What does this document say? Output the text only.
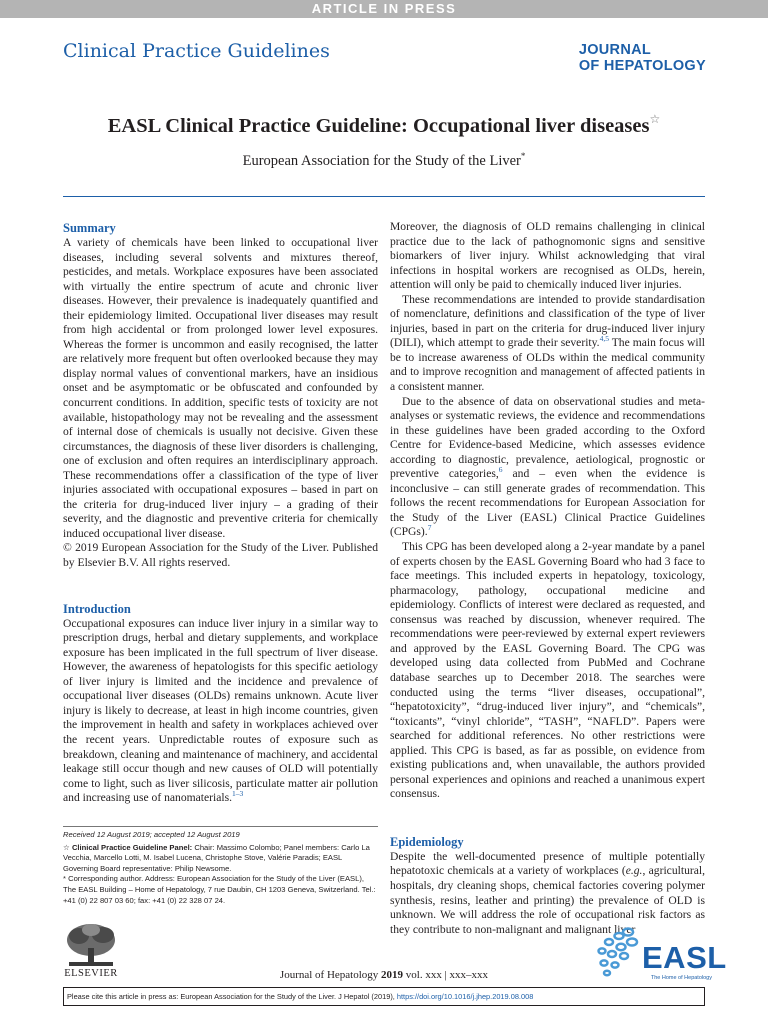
ARTICLE IN PRESS
Clinical Practice Guidelines	JOURNAL
OF HEPATOLOGY
EASL Clinical Practice Guideline: Occupational liver diseases☆
European Association for the Study of the Liver*
Summary

A variety of chemicals have been linked to occupational liver diseases, including several solvents and mixtures thereof, pesticides, and metals. Workplace exposures have been associated with virtually the entire spectrum of acute and chronic liver diseases. However, their prevalence is inadequately quantified and their epidemiology limited. Occupational liver diseases may result from high accidental or from prolonged lower level exposures. Whereas the former is uncommon and easily recognised, the latter are relatively more frequent but often overlooked because they may display normal values of conventional markers, have an insidious onset and be asymptomatic or be obfuscated and confounded by concurrent conditions. In addition, specific tests of toxicity are not available, histopathology may not be revealing and the assessment of internal dose of chemicals is usually not decisive. Given these circumstances, the diagnosis of these liver disorders is challenging, one of exclusion and often requires an interdisciplinary approach. These recommendations offer a classification of the type of liver injuries associated with occupational exposures – based in part on the criteria for drug-induced liver injury – a grading of their severity, and the diagnostic and preventive criteria for chemically induced occupational liver disease.

© 2019 European Association for the Study of the Liver. Published by Elsevier B.V. All rights reserved.

Introduction

Occupational exposures can induce liver injury in a similar way to prescription drugs, herbal and dietary supplements, and workplace exposure has been implicated in the full spectrum of liver disease. However, the awareness of hepatologists for this specific aetiology of liver injury is limited and the incidence and prevalence of occupational liver diseases (OLDs) remains unknown. Acute liver injury is likely to decrease, at least in high income countries, given the improvement in health and safety in workplaces achieved over the recent years. Unpredictable routes of exposure such as breakdown, cleaning and maintenance of machinery, and accidental leakage still occur though and new causes of OLD will potentially come to light, such as liver silicosis, particulate matter air pollution and increasing use of nanomaterials.$^{1-3}$

Moreover, the diagnosis of OLD remains challenging in clinical practice due to the lack of pathognomonic signs and sensitive biomarkers of liver injury. Whilst acknowledging that viral infections in hospital workers are recognised as OLDs, herein, attention will only be paid to chemically induced liver injuries.

These recommendations are intended to provide standardisation of nomenclature, definitions and classification of the type of liver injuries, based in part on the criteria for drug-induced liver injury (DILI), which attempt to grade their severity.$^{4,5}$ The main focus will be to increase awareness of OLDs within the medical community and to improve recognition and management of affected patients in a consistent manner.

Due to the absence of data on observational studies and meta-analyses or systematic reviews, the evidence and recommendations in these guidelines have been graded according to the Oxford Centre for Evidence-based Medicine, which assesses evidence according to diagnostic, prevalence, aetiological, prognostic or preventive categories,$^6$ and – even when the evidence is inconclusive – can still generate grades of recommendation. This follows the recent recommendations for European Association for the Study of the Liver (EASL) Clinical Practice Guidelines (CPGs).$^7$

This CPG has been developed along a 2-year mandate by a panel of experts chosen by the EASL Governing Board who had 3 face to face meetings. This included experts in hepatology, toxicology, pharmacology, pathology, occupational medicine and epidemiology. Conflicts of interest were declared as requested, and consensus was reached by discussion, whenever required. The recommendations were peer-reviewed by external expert reviewers and approved by the EASL Governing Board. The CPG was developed using data collected from PubMed and Cochrane database searches up to December 2018. The searches were conducted using the terms “liver diseases, occupational”, “hepatotoxicity”, “drug-induced liver injury”, and “chemicals”, “toxicants”, “vinyl chloride”, “TASH”, “NAFLD”. Papers were searched for additional references. No other restrictions were applied. This CPG is based, as far as possible, on evidence from existing publications and, when unavailable, the authors provided personal experiences and opinions and reached a unanimous expert consensus.

Epidemiology

Despite the well-documented presence of multiple potentially hepatotoxic chemicals at a variety of workplaces (e.g., agricultural, hospitals, dry cleaning shops, chemical factories covering polymer synthesis, resins, leather and printing) the prevalence of OLD is unknown. We will address the role of occupational risk factors as they contribute to non-malignant and malignant liver

Received 12 August 2019; accepted 12 August 2019

☆ Clinical Practice Guideline Panel: Chair: Massimo Colombo; Panel members: Carlo La Vecchia, Marcello Lotti, M. Isabel Lucena, Christophe Stove, Valérie Paradis; EASL Governing Board representative: Philip Newsome.

* Corresponding author. Address: European Association for the Study of the Liver (EASL), The EASL Building – Home of Hepatology, 7 rue Daubin, CH 1203 Geneva, Switzerland. Tel.: +41 (0) 22 807 03 60; fax: +41 (0) 22 328 07 24.

ELSEVIER	Journal of Hepatology 2019 vol. xxx | xxx–xxx	EASL
The Home of Hepatology
Please cite this article in press as: European Association for the Study of the Liver. J Hepatol (2019), https://doi.org/10.1016/j.jhep.2019.08.008
